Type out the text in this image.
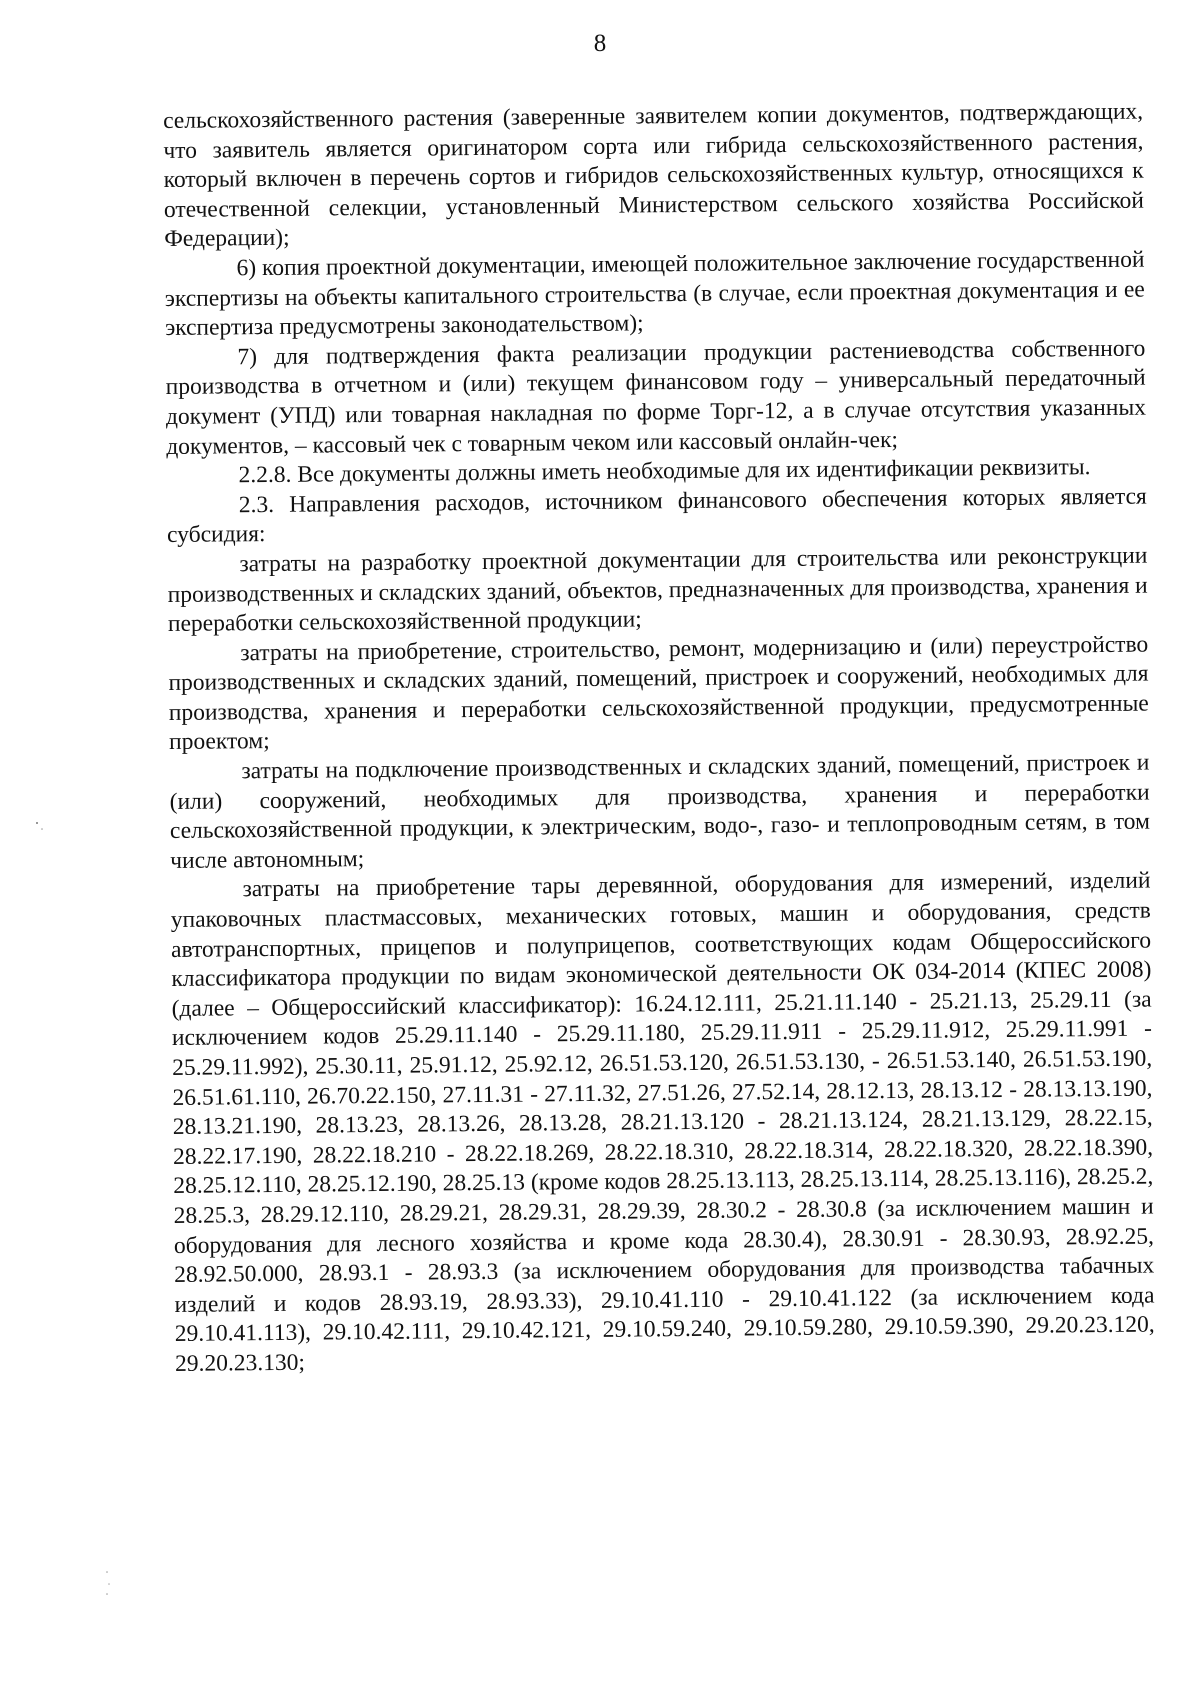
8

сельскохозяйственного растения (заверенные заявителем копии документов, подтверждающих, что заявитель является оригинатором сорта или гибрида сельскохозяйственного растения, который включен в перечень сортов и гибридов сельскохозяйственных культур, относящихся к отечественной селекции, установленный Министерством сельского хозяйства Российской Федерации);

6) копия проектной документации, имеющей положительное заключение государственной экспертизы на объекты капитального строительства (в случае, если проектная документация и ее экспертиза предусмотрены законодательством);

7) для подтверждения факта реализации продукции растениеводства собственного производства в отчетном и (или) текущем финансовом году – универсальный передаточный документ (УПД) или товарная накладная по форме Торг-12, а в случае отсутствия указанных документов, – кассовый чек с товарным чеком или кассовый онлайн-чек;

2.2.8. Все документы должны иметь необходимые для их идентификации реквизиты.

2.3. Направления расходов, источником финансового обеспечения которых является субсидия:

затраты на разработку проектной документации для строительства или реконструкции производственных и складских зданий, объектов, предназначенных для производства, хранения и переработки сельскохозяйственной продукции;

затраты на приобретение, строительство, ремонт, модернизацию и (или) переустройство производственных и складских зданий, помещений, пристроек и сооружений, необходимых для производства, хранения и переработки сельскохозяйственной продукции, предусмотренные проектом;

затраты на подключение производственных и складских зданий, помещений, пристроек и (или) сооружений, необходимых для производства, хранения и переработки сельскохозяйственной продукции, к электрическим, водо-, газо- и теплопроводным сетям, в том числе автономным;

затраты на приобретение тары деревянной, оборудования для измерений, изделий упаковочных пластмассовых, механических готовых, машин и оборудования, средств автотранспортных, прицепов и полуприцепов, соответствующих кодам Общероссийского классификатора продукции по видам экономической деятельности ОК 034-2014 (КПЕС 2008) (далее – Общероссийский классификатор): 16.24.12.111, 25.21.11.140 - 25.21.13, 25.29.11 (за исключением кодов 25.29.11.140 - 25.29.11.180, 25.29.11.911 - 25.29.11.912, 25.29.11.991 - 25.29.11.992), 25.30.11, 25.91.12, 25.92.12, 26.51.53.120, 26.51.53.130, - 26.51.53.140, 26.51.53.190, 26.51.61.110, 26.70.22.150, 27.11.31 - 27.11.32, 27.51.26, 27.52.14, 28.12.13, 28.13.12 - 28.13.13.190, 28.13.21.190, 28.13.23, 28.13.26, 28.13.28, 28.21.13.120 - 28.21.13.124, 28.21.13.129, 28.22.15, 28.22.17.190, 28.22.18.210 - 28.22.18.269, 28.22.18.310, 28.22.18.314, 28.22.18.320, 28.22.18.390, 28.25.12.110, 28.25.12.190, 28.25.13 (кроме кодов 28.25.13.113, 28.25.13.114, 28.25.13.116), 28.25.2, 28.25.3, 28.29.12.110, 28.29.21, 28.29.31, 28.29.39, 28.30.2 - 28.30.8 (за исключением машин и оборудования для лесного хозяйства и кроме кода 28.30.4), 28.30.91 - 28.30.93, 28.92.25, 28.92.50.000, 28.93.1 - 28.93.3 (за исключением оборудования для производства табачных изделий и кодов 28.93.19, 28.93.33), 29.10.41.110 - 29.10.41.122 (за исключением кода 29.10.41.113), 29.10.42.111, 29.10.42.121, 29.10.59.240, 29.10.59.280, 29.10.59.390, 29.20.23.120, 29.20.23.130;
